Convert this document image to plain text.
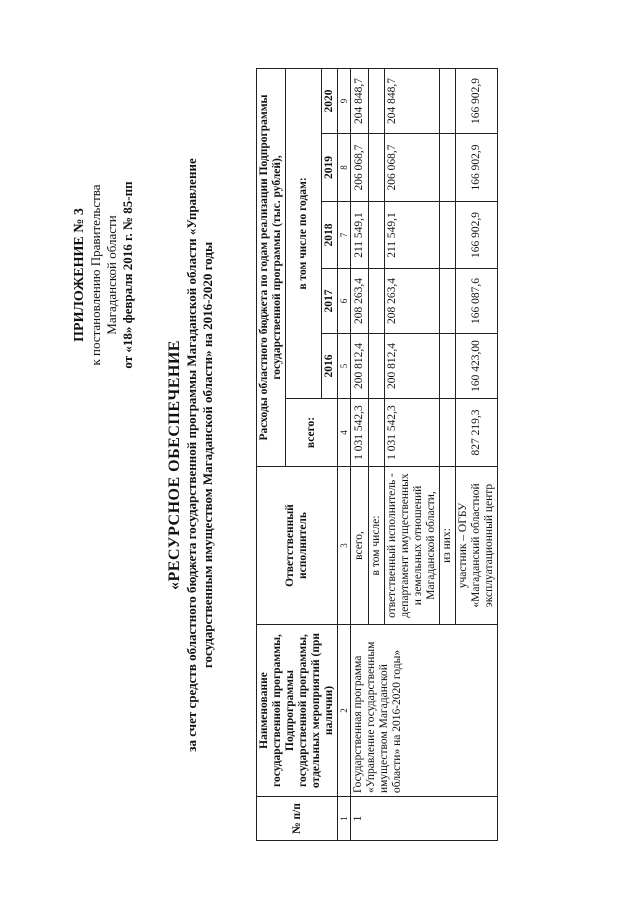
ПРИЛОЖЕНИЕ № 3 к постановлению Правительства Магаданской области от «18» февраля 2016 г. № 85-пп
«РЕСУРСНОЕ ОБЕСПЕЧЕНИЕ за счет средств областного бюджета государственной программы Магаданской области «Управление государственным имуществом Магаданской области» на 2016-2020 годы
№ п/п	Наименование государственной программы, Подпрограммы государственной программы, отдельных мероприятий (при наличии)	Ответственный исполнитель	Расходы областного бюджета по годам реализации Подпрограммы государственной программы (тыс. рублей),					
			всего:	в том числе по годам:				
				2016	2017	2018	2019	2020
1	2	3	4	5	6	7	8	9
1	Государственная программа «Управление государственным имуществом Магаданской области» на 2016-2020 годы»	всего,	1 031 542,3	200 812,4	208 263,4	211 549,1	206 068,7	204 848,7
		в том числе:						
		ответственный исполнитель - департамент имущественных и земельных отношений Магаданской области,	1 031 542,3	200 812,4	208 263,4	211 549,1	206 068,7	204 848,7
		из них:						
		участник – ОГБУ «Магаданский областной эксплуатационный центр	827 219,3	160 423,00	166 087,6	166 902,9	166 902,9	166 902,9
